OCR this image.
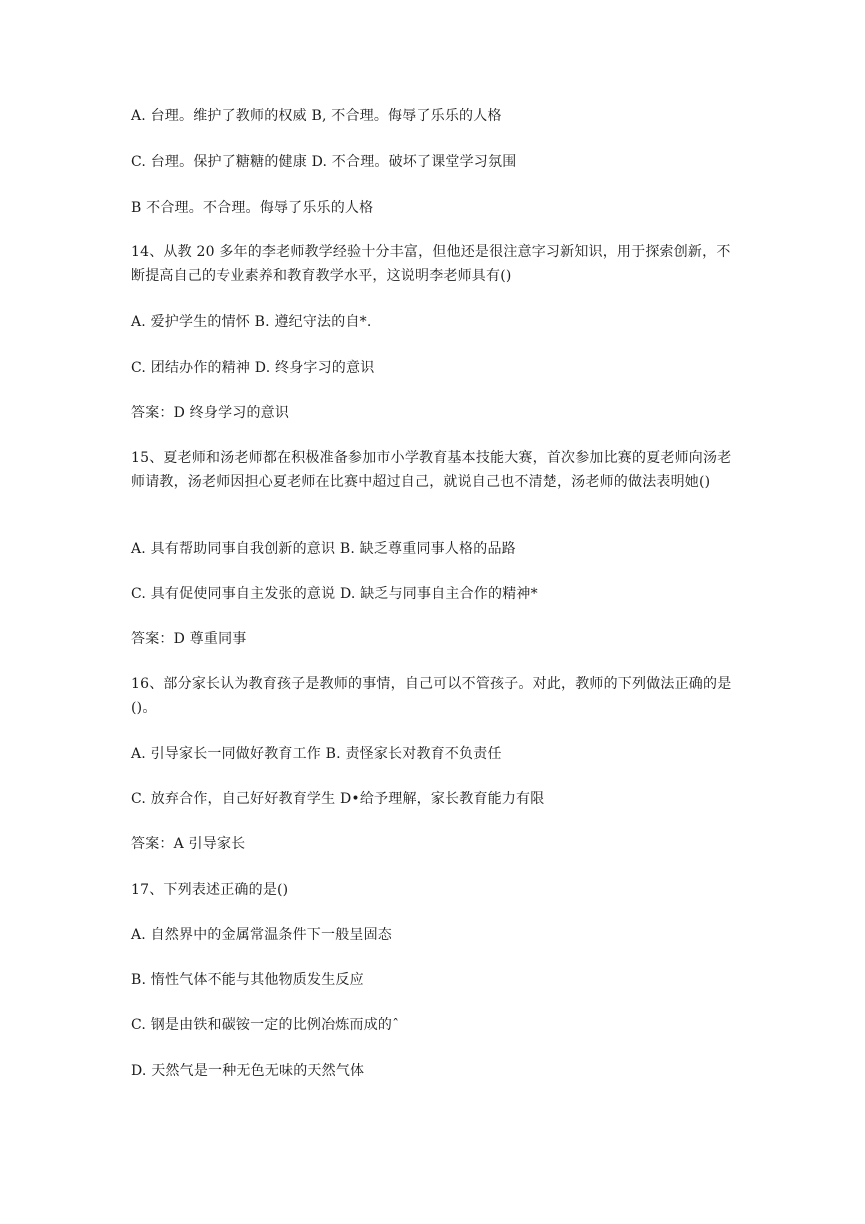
A. 台理。维护了教师的权威 B, 不合理。侮辱了乐乐的人格
C. 台理。保护了糖糖的健康 D. 不合理。破坏了课堂学习氛围
B 不合理。不合理。侮辱了乐乐的人格
14、从教 20 多年的李老师教学经验十分丰富，但他还是很注意字习新知识，用于探索创新，不断提高自己的专业素养和教育教学水平，这说明李老师具有()
A. 爱护学生的情怀 B. 遵纪守法的自*.
C. 团结办作的精神 D. 终身字习的意识
答案：D 终身学习的意识
15、夏老师和汤老师都在积极准备参加市小学教育基本技能大赛，首次参加比赛的夏老师向汤老师请教，汤老师因担心夏老师在比赛中超过自己，就说自己也不清楚，汤老师的做法表明她()
A. 具有帮助同事自我创新的意识 B. 缺乏尊重同事人格的品路
C. 具有促使同事自主发张的意说 D. 缺乏与同事自主合作的精神*
答案：D 尊重同事
16、部分家长认为教育孩子是教师的事情，自己可以不管孩子。对此，教师的下列做法正确的是()。
A. 引导家长一同做好教育工作 B. 责怪家长对教育不负责任
C. 放弃合作，自己好好教育学生 D•给予理解，家长教育能力有限
答案：A 引导家长
17、下列表述正确的是()
A. 自然界中的金属常温条件下一般呈固态
B. 惰性气体不能与其他物质发生反应
C. 钢是由铁和碳铵一定的比例冶炼而成的ˆ
D. 天然气是一种无色无味的天然气体
